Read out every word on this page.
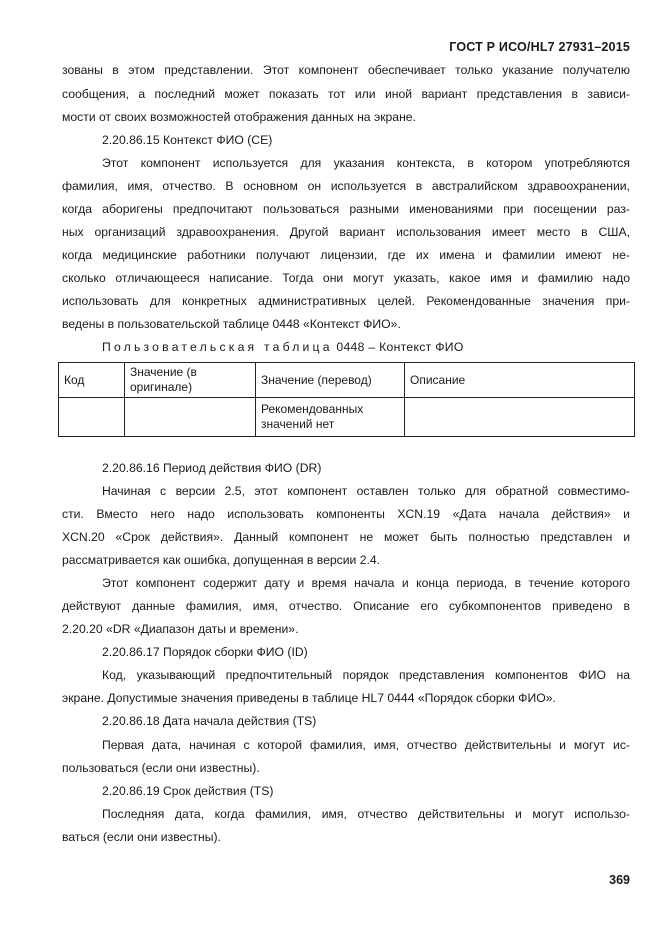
ГОСТ Р ИСО/HL7 27931–2015
зованы в этом представлении. Этот компонент обеспечивает только указание получателю
сообщения, а последний может показать тот или иной вариант представления в зависи-
мости от своих возможностей отображения данных на экране.
2.20.86.15 Контекст ФИО (CE)
Этот компонент используется для указания контекста, в котором употребляются
фамилия, имя, отчество. В основном он используется в австралийском здравоохранении,
когда аборигены предпочитают пользоваться разными именованиями при посещении раз-
ных организаций здравоохранения. Другой вариант использования имеет место в США,
когда медицинские работники получают лицензии, где их имена и фамилии имеют не-
сколько отличающееся написание. Тогда они могут указать, какое имя и фамилию надо
использовать для конкретных административных целей. Рекомендованные значения при-
ведены в пользовательской таблице 0448 «Контекст ФИО».
Пользовательская таблица 0448 – Контекст ФИО
Код	Значение (в оригинале)	Значение (перевод)	Описание
		Рекомендованных значений нет	
2.20.86.16 Период действия ФИО (DR)
Начиная с версии 2.5, этот компонент оставлен только для обратной совместимо-
сти. Вместо него надо использовать компоненты XCN.19 «Дата начала действия» и
XCN.20 «Срок действия». Данный компонент не может быть полностью представлен и
рассматривается как ошибка, допущенная в версии 2.4.
Этот компонент содержит дату и время начала и конца периода, в течение которого
действуют данные фамилия, имя, отчество. Описание его субкомпонентов приведено в
2.20.20 «DR «Диапазон даты и времени».
2.20.86.17 Порядок сборки ФИО (ID)
Код, указывающий предпочтительный порядок представления компонентов ФИО на
экране. Допустимые значения приведены в таблице HL7 0444 «Порядок сборки ФИО».
2.20.86.18 Дата начала действия (TS)
Первая дата, начиная с которой фамилия, имя, отчество действительны и могут ис-
пользоваться (если они известны).
2.20.86.19 Срок действия (TS)
Последняя дата, когда фамилия, имя, отчество действительны и могут использо-
ваться (если они известны).
369
